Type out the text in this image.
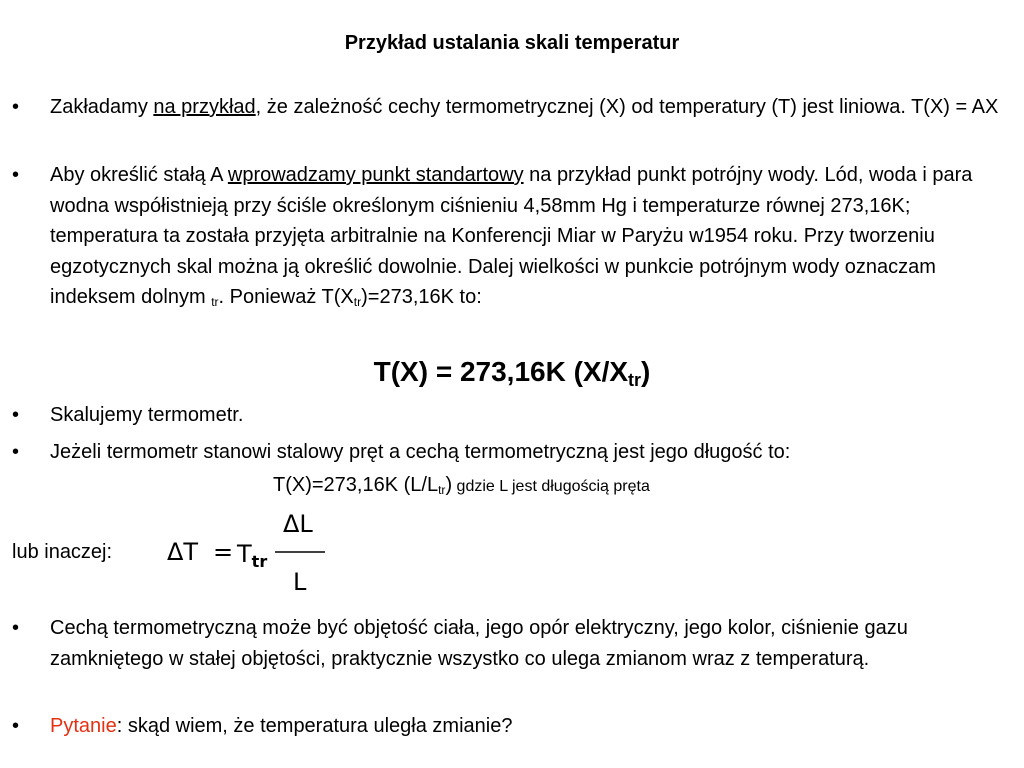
Przykład ustalania skali temperatur
•	Zakładamy na przykład, że zależność cechy termometrycznej (X) od temperatury (T) jest liniowa. T(X) = AX
•	Aby określić stałą A wprowadzamy punkt standartowy na przykład punkt potrójny wody. Lód, woda i para wodna współistnieją przy ściśle określonym ciśnieniu 4,58mm Hg i temperaturze równej 273,16K; temperatura ta została przyjęta arbitralnie na Konferencji Miar w Paryżu w1954 roku. Przy tworzeniu egzotycznych skal można ją określić dowolnie. Dalej wielkości w punkcie potrójnym wody oznaczam indeksem dolnym $_{tr}$. Ponieważ $T(X_{tr})=273,16K$ to:
T(X) = 273,16K $(X/X_{tr})$
•	Skalujemy termometr.
•	Jeżeli termometr stanowi stalowy pręt a cechą termometryczną jest jego długość to:
T(X)=273,16K $(L/L_{tr})$ gdzie L jest długością pręta
lub inaczej: $\Delta T = T_{tr}$
ΔL
L
•	Cechą termometryczną może być objętość ciała, jego opór elektryczny, jego kolor, ciśnienie gazu zamkniętego w stałej objętości, praktycznie wszystko co ulega zmianom wraz z temperaturą.
•	Pytanie: skąd wiem, że temperatura uległa zmianie?
